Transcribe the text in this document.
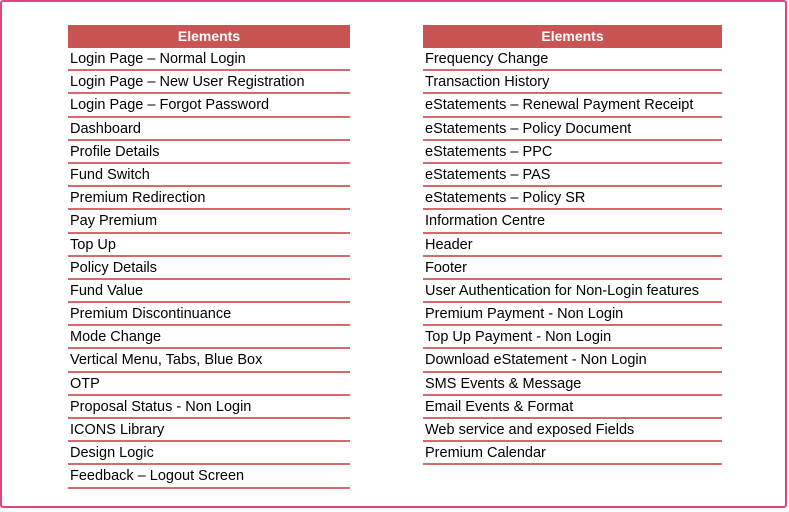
Elements
Login Page – Normal Login
Login Page – New User Registration
Login Page – Forgot Password
Dashboard
Profile Details
Fund Switch
Premium Redirection
Pay Premium
Top Up
Policy Details
Fund Value
Premium Discontinuance
Mode Change
Vertical Menu, Tabs, Blue Box
OTP
Proposal Status - Non Login
ICONS Library
Design Logic
Feedback – Logout Screen
Elements
Frequency Change
Transaction History
eStatements – Renewal Payment Receipt
eStatements – Policy Document
eStatements – PPC
eStatements – PAS
eStatements – Policy SR
Information Centre
Header
Footer
User Authentication for Non-Login features
Premium Payment - Non Login
Top Up Payment - Non Login
Download eStatement - Non Login
SMS Events & Message
Email Events & Format
Web service and exposed Fields
Premium Calendar
